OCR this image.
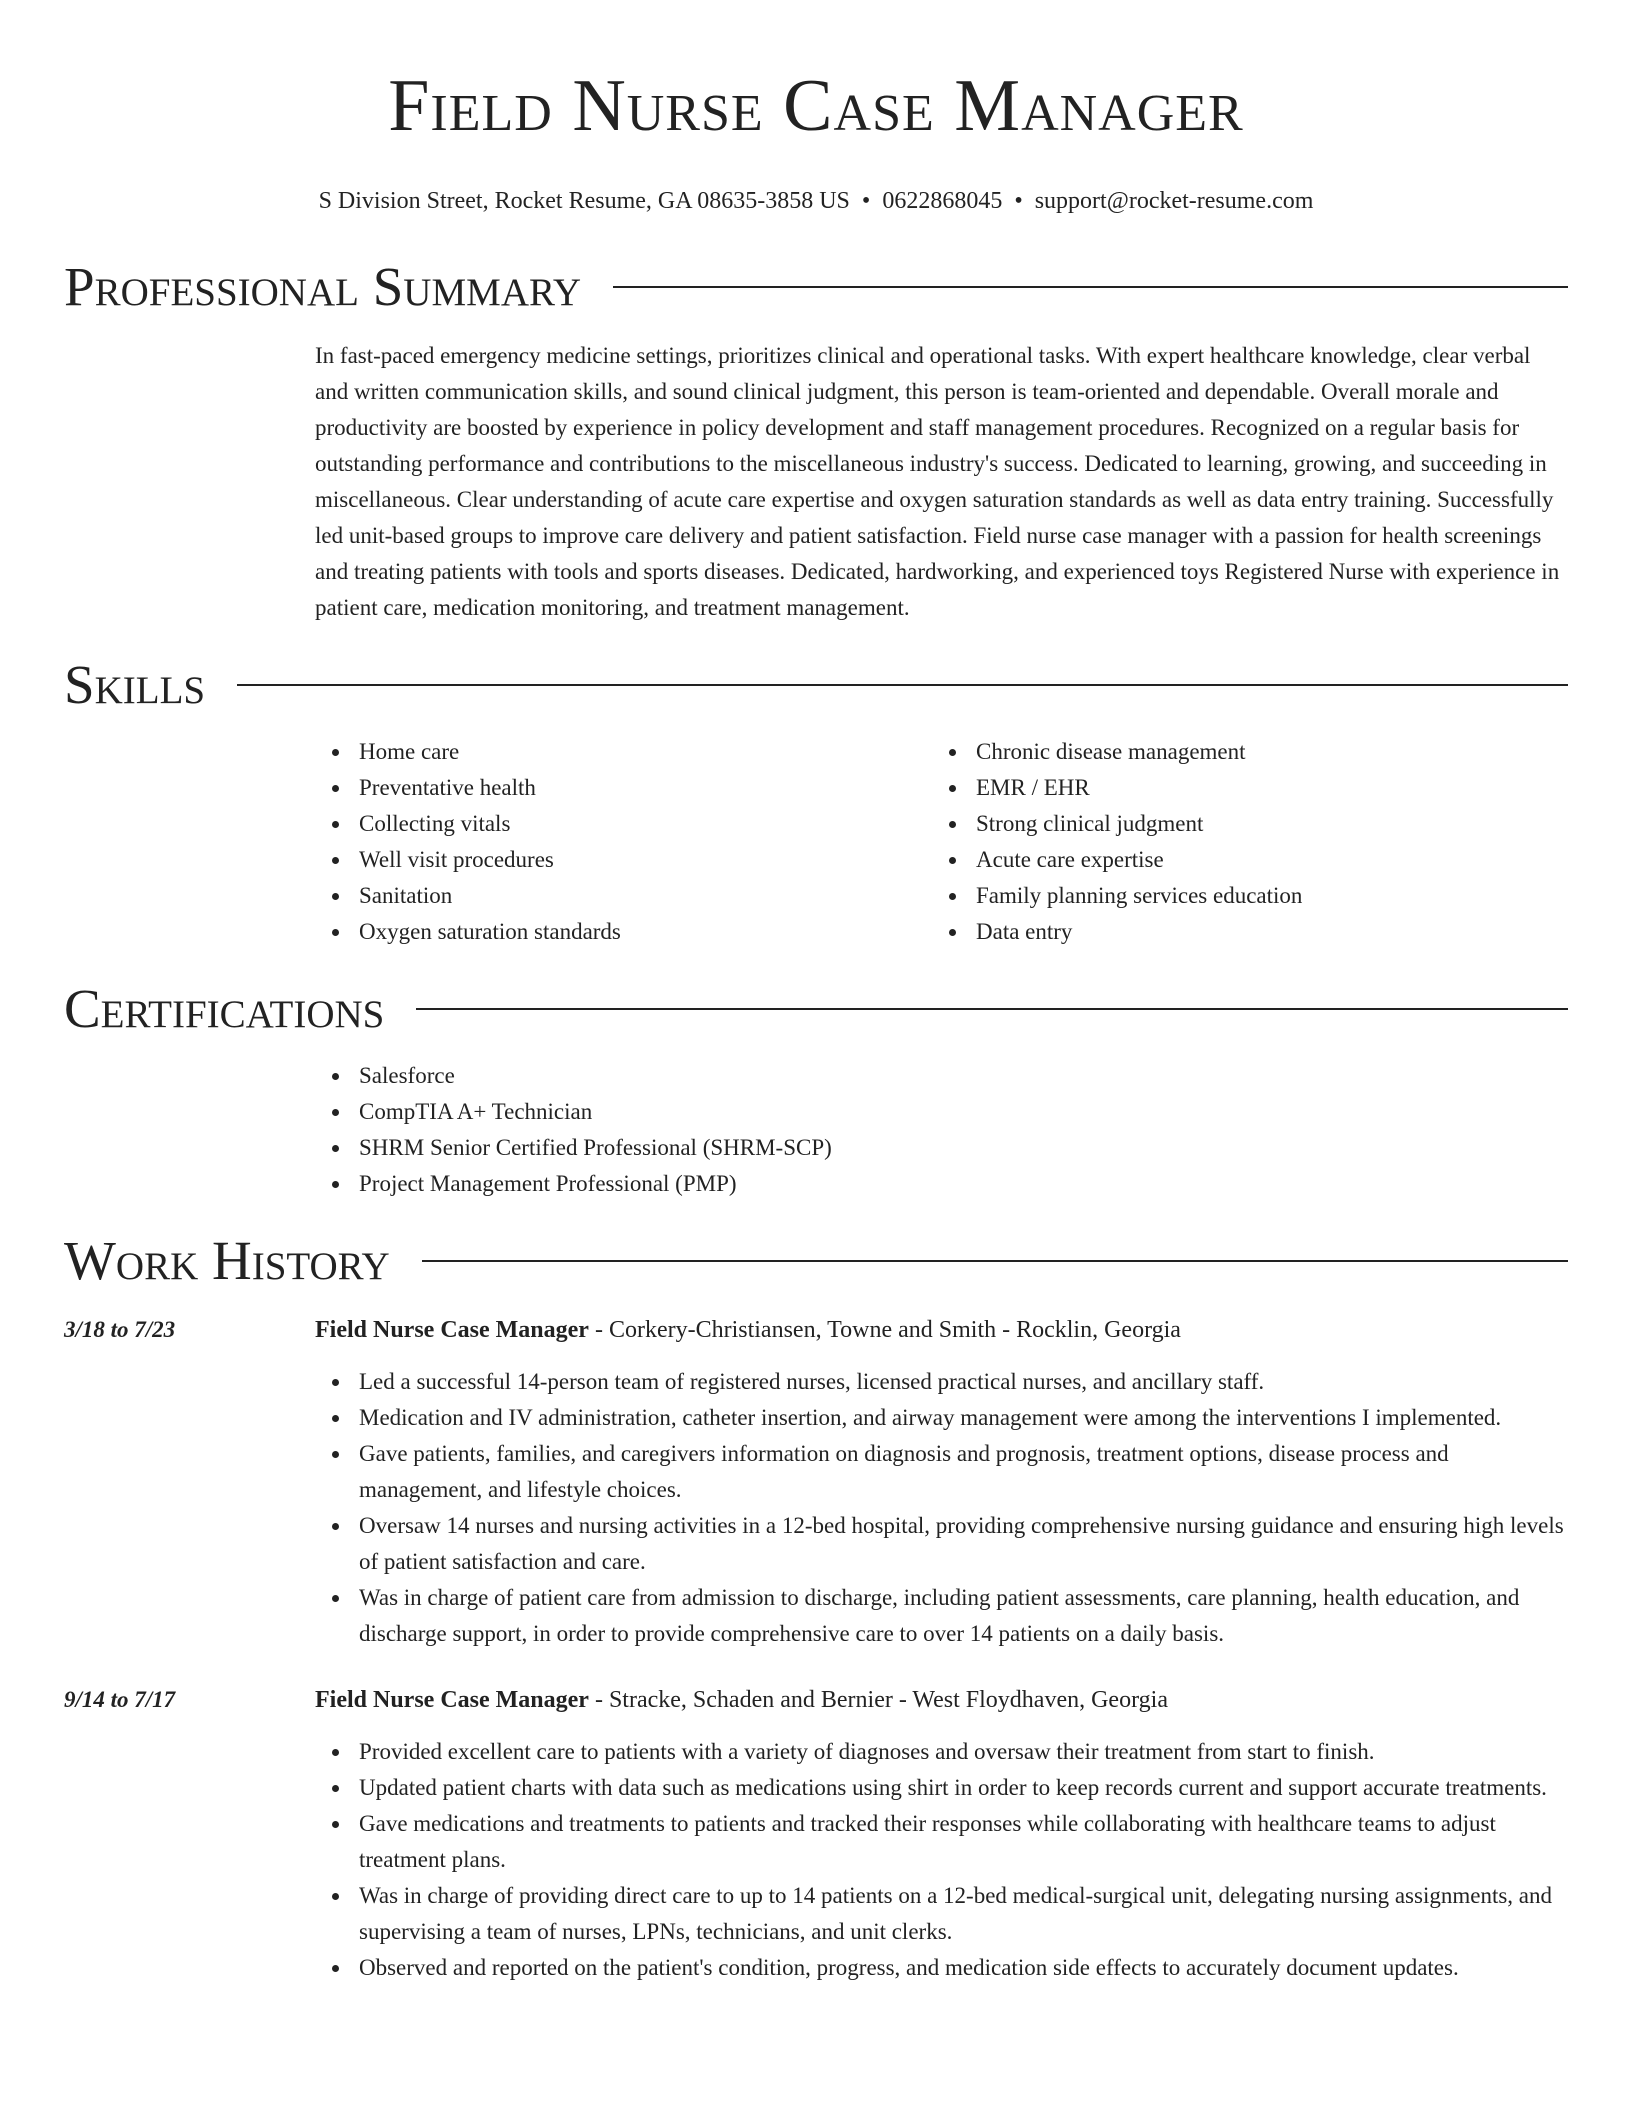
Field Nurse Case Manager
S Division Street, Rocket Resume, GA 08635-3858 US • 0622868045 • support@rocket-resume.com
Professional Summary
In fast-paced emergency medicine settings, prioritizes clinical and operational tasks. With expert healthcare knowledge, clear verbal and written communication skills, and sound clinical judgment, this person is team-oriented and dependable. Overall morale and productivity are boosted by experience in policy development and staff management procedures. Recognized on a regular basis for outstanding performance and contributions to the miscellaneous industry's success. Dedicated to learning, growing, and succeeding in miscellaneous. Clear understanding of acute care expertise and oxygen saturation standards as well as data entry training. Successfully led unit-based groups to improve care delivery and patient satisfaction. Field nurse case manager with a passion for health screenings and treating patients with tools and sports diseases. Dedicated, hardworking, and experienced toys Registered Nurse with experience in patient care, medication monitoring, and treatment management.
Skills
Home care
Preventative health
Collecting vitals
Well visit procedures
Sanitation
Oxygen saturation standards
Chronic disease management
EMR / EHR
Strong clinical judgment
Acute care expertise
Family planning services education
Data entry
Certifications
Salesforce
CompTIA A+ Technician
SHRM Senior Certified Professional (SHRM-SCP)
Project Management Professional (PMP)
Work History
3/18 to 7/23	Field Nurse Case Manager - Corkery-Christiansen, Towne and Smith - Rocklin, Georgia
Led a successful 14-person team of registered nurses, licensed practical nurses, and ancillary staff.
Medication and IV administration, catheter insertion, and airway management were among the interventions I implemented.
Gave patients, families, and caregivers information on diagnosis and prognosis, treatment options, disease process and management, and lifestyle choices.
Oversaw 14 nurses and nursing activities in a 12-bed hospital, providing comprehensive nursing guidance and ensuring high levels of patient satisfaction and care.
Was in charge of patient care from admission to discharge, including patient assessments, care planning, health education, and discharge support, in order to provide comprehensive care to over 14 patients on a daily basis.
9/14 to 7/17	Field Nurse Case Manager - Stracke, Schaden and Bernier - West Floydhaven, Georgia
Provided excellent care to patients with a variety of diagnoses and oversaw their treatment from start to finish.
Updated patient charts with data such as medications using shirt in order to keep records current and support accurate treatments.
Gave medications and treatments to patients and tracked their responses while collaborating with healthcare teams to adjust treatment plans.
Was in charge of providing direct care to up to 14 patients on a 12-bed medical-surgical unit, delegating nursing assignments, and supervising a team of nurses, LPNs, technicians, and unit clerks.
Observed and reported on the patient's condition, progress, and medication side effects to accurately document updates.
